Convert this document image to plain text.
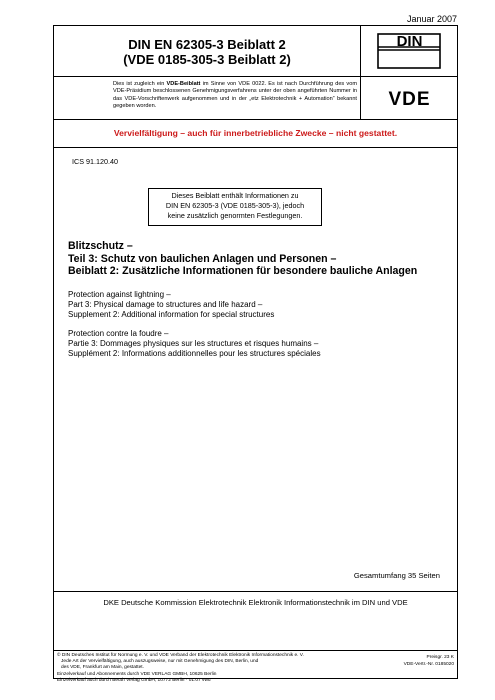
Januar 2007
DIN EN 62305-3 Beiblatt 2
(VDE 0185-305-3 Beiblatt 2)
Dies ist zugleich ein VDE-Beiblatt im Sinne von VDE 0022. Es ist nach Durchführung des vom VDE-Präsidium beschlossenen Genehmigungsverfahrens unter der oben angeführten Nummer in das VDE-Vorschriftenwerk aufgenommen und in der „etz Elektrotechnik + Automation“ bekannt gegeben worden.
DIN
VDE
Vervielfältigung – auch für innerbetriebliche Zwecke – nicht gestattet.
ICS 91.120.40
Dieses Beiblatt enthält Informationen zu
DIN EN 62305-3 (VDE 0185-305-3), jedoch
keine zusätzlich genormten Festlegungen.
Blitzschutz –
Teil 3: Schutz von baulichen Anlagen und Personen –
Beiblatt 2: Zusätzliche Informationen für besondere bauliche Anlagen
Protection against lightning –
Part 3: Physical damage to structures and life hazard –
Supplement 2: Additional information for special structures
Protection contre la foudre –
Partie 3: Dommages physiques sur les structures et risques humains –
Supplément 2: Informations additionnelles pour les structures spéciales
Gesamtumfang 35 Seiten
DKE Deutsche Kommission Elektrotechnik Elektronik Informationstechnik im DIN und VDE
© DIN Deutsches Institut für Normung e. V. und VDE Verband der Elektrotechnik Elektronik Informationstechnik e. V.
Jede Art der Vervielfältigung, auch auszugsweise, nur mit Genehmigung des DIN, Berlin, und
des VDE, Frankfurt am Main, gestattet.
Einzelverkauf und Abonnements durch VDE VERLAG GMBH, 10625 Berlin
Einzelverkauf auch durch Beuth Verlag GmbH, 10772 Berlin · 01.07 vwu
Preisgr. 23 K
VDE-Vertr.-Nr. 0185020
